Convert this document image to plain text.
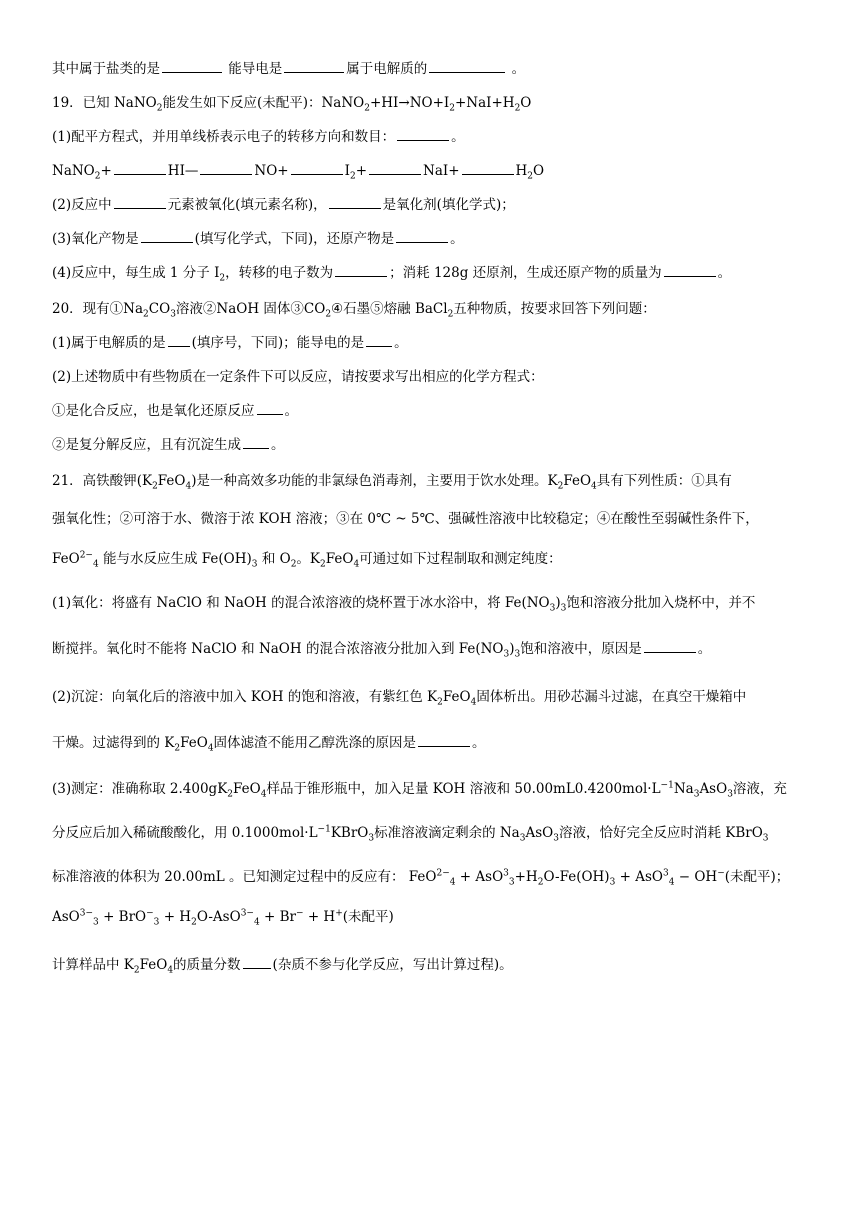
其中属于盐类的是	能导电是	属于电解质的	。
19．已知 NaNO$_2$能发生如下反应(未配平)：$NaNO_2+HI\to NO+I_2+NaI+H_2O$
(1)配平方程式，并用单线桥表示电子的转移方向和数目：	。
NaNO$_2$+	HI—	NO+	$I_2+$	NaI+	$H_2O$
(2)反应中	元素被氧化(填元素名称)，	是氧化剂(填化学式)；
(3)氧化产物是	(填写化学式，下同)，还原产物是	。
(4)反应中，每生成 1 分子 $I_2$，转移的电子数为	；消耗 128g 还原剂，生成还原产物的质量为	。
20．现有$①Na_2CO_3$溶液②NaOH 固体$③CO_2④$石墨⑤熔融 BaCl$_2$五种物质，按要求回答下列问题：
(1)属于电解质的是 (填序号，下同)；能导电的是 。
(2)上述物质中有些物质在一定条件下可以反应，请按要求写出相应的化学方程式：
①是化合反应，也是氧化还原反应 。
②是复分解反应，且有沉淀生成 。
21．高铁酸钾$(K_2FeO_4)$是一种高效多功能的非氯绿色消毒剂，主要用于饮水处理。$K_2FeO_4$具有下列性质：①具有
强氧化性；②可溶于水、微溶于浓 KOH 溶液；③在 0℃ ~ 5℃、强碱性溶液中比较稳定；④在酸性至弱碱性条件下，
FeO$^{2-}_4$ 能与水反应生成 $Fe(OH)_3$ 和 $O_2$。$K_2FeO_4$可通过如下过程制取和测定纯度：
(1)氧化：将盛有 NaClO 和 NaOH 的混合浓溶液的烧杯置于冰水浴中，将 $Fe(NO_3)_3$饱和溶液分批加入烧杯中，并不
断搅拌。氧化时不能将 NaClO 和 NaOH 的混合浓溶液分批加入到 $Fe(NO_3)_3$饱和溶液中，原因是	。
(2)沉淀：向氧化后的溶液中加入 KOH 的饱和溶液，有紫红色 $K_2FeO_4$固体析出。用砂芯漏斗过滤，在真空干燥箱中
干燥。过滤得到的 $K_2FeO_4$固体滤渣不能用乙醇洗涤的原因是	。
(3)测定：准确称取 $2.400gK_2FeO_4$样品于锥形瓶中，加入足量 KOH 溶液和 $50.00mL0.4200mol\cdot L^{-1}Na_3AsO_3$溶液，充
分反应后加入稀硫酸酸化，用 $0.1000mol\cdot L^{-1}KBrO_3$标准溶液滴定剩余的 $Na_3AsO_3$溶液，恰好完全反应时消耗 KBrO$_3$
标准溶液的体积为 20.00mL 。已知测定过程中的反应有： $FeO^{2-}_4 + AsO^3_3+H_2O-Fe(OH)_3 + AsO^3_4 - OH^-$(未配平)；
$AsO^{3-}_3 + BrO^-_3 + H_2O-AsO^{3-}_4 + Br^- + H^+$(未配平)
计算样品中 $K_2FeO_4$的质量分数 (杂质不参与化学反应，写出计算过程)。
